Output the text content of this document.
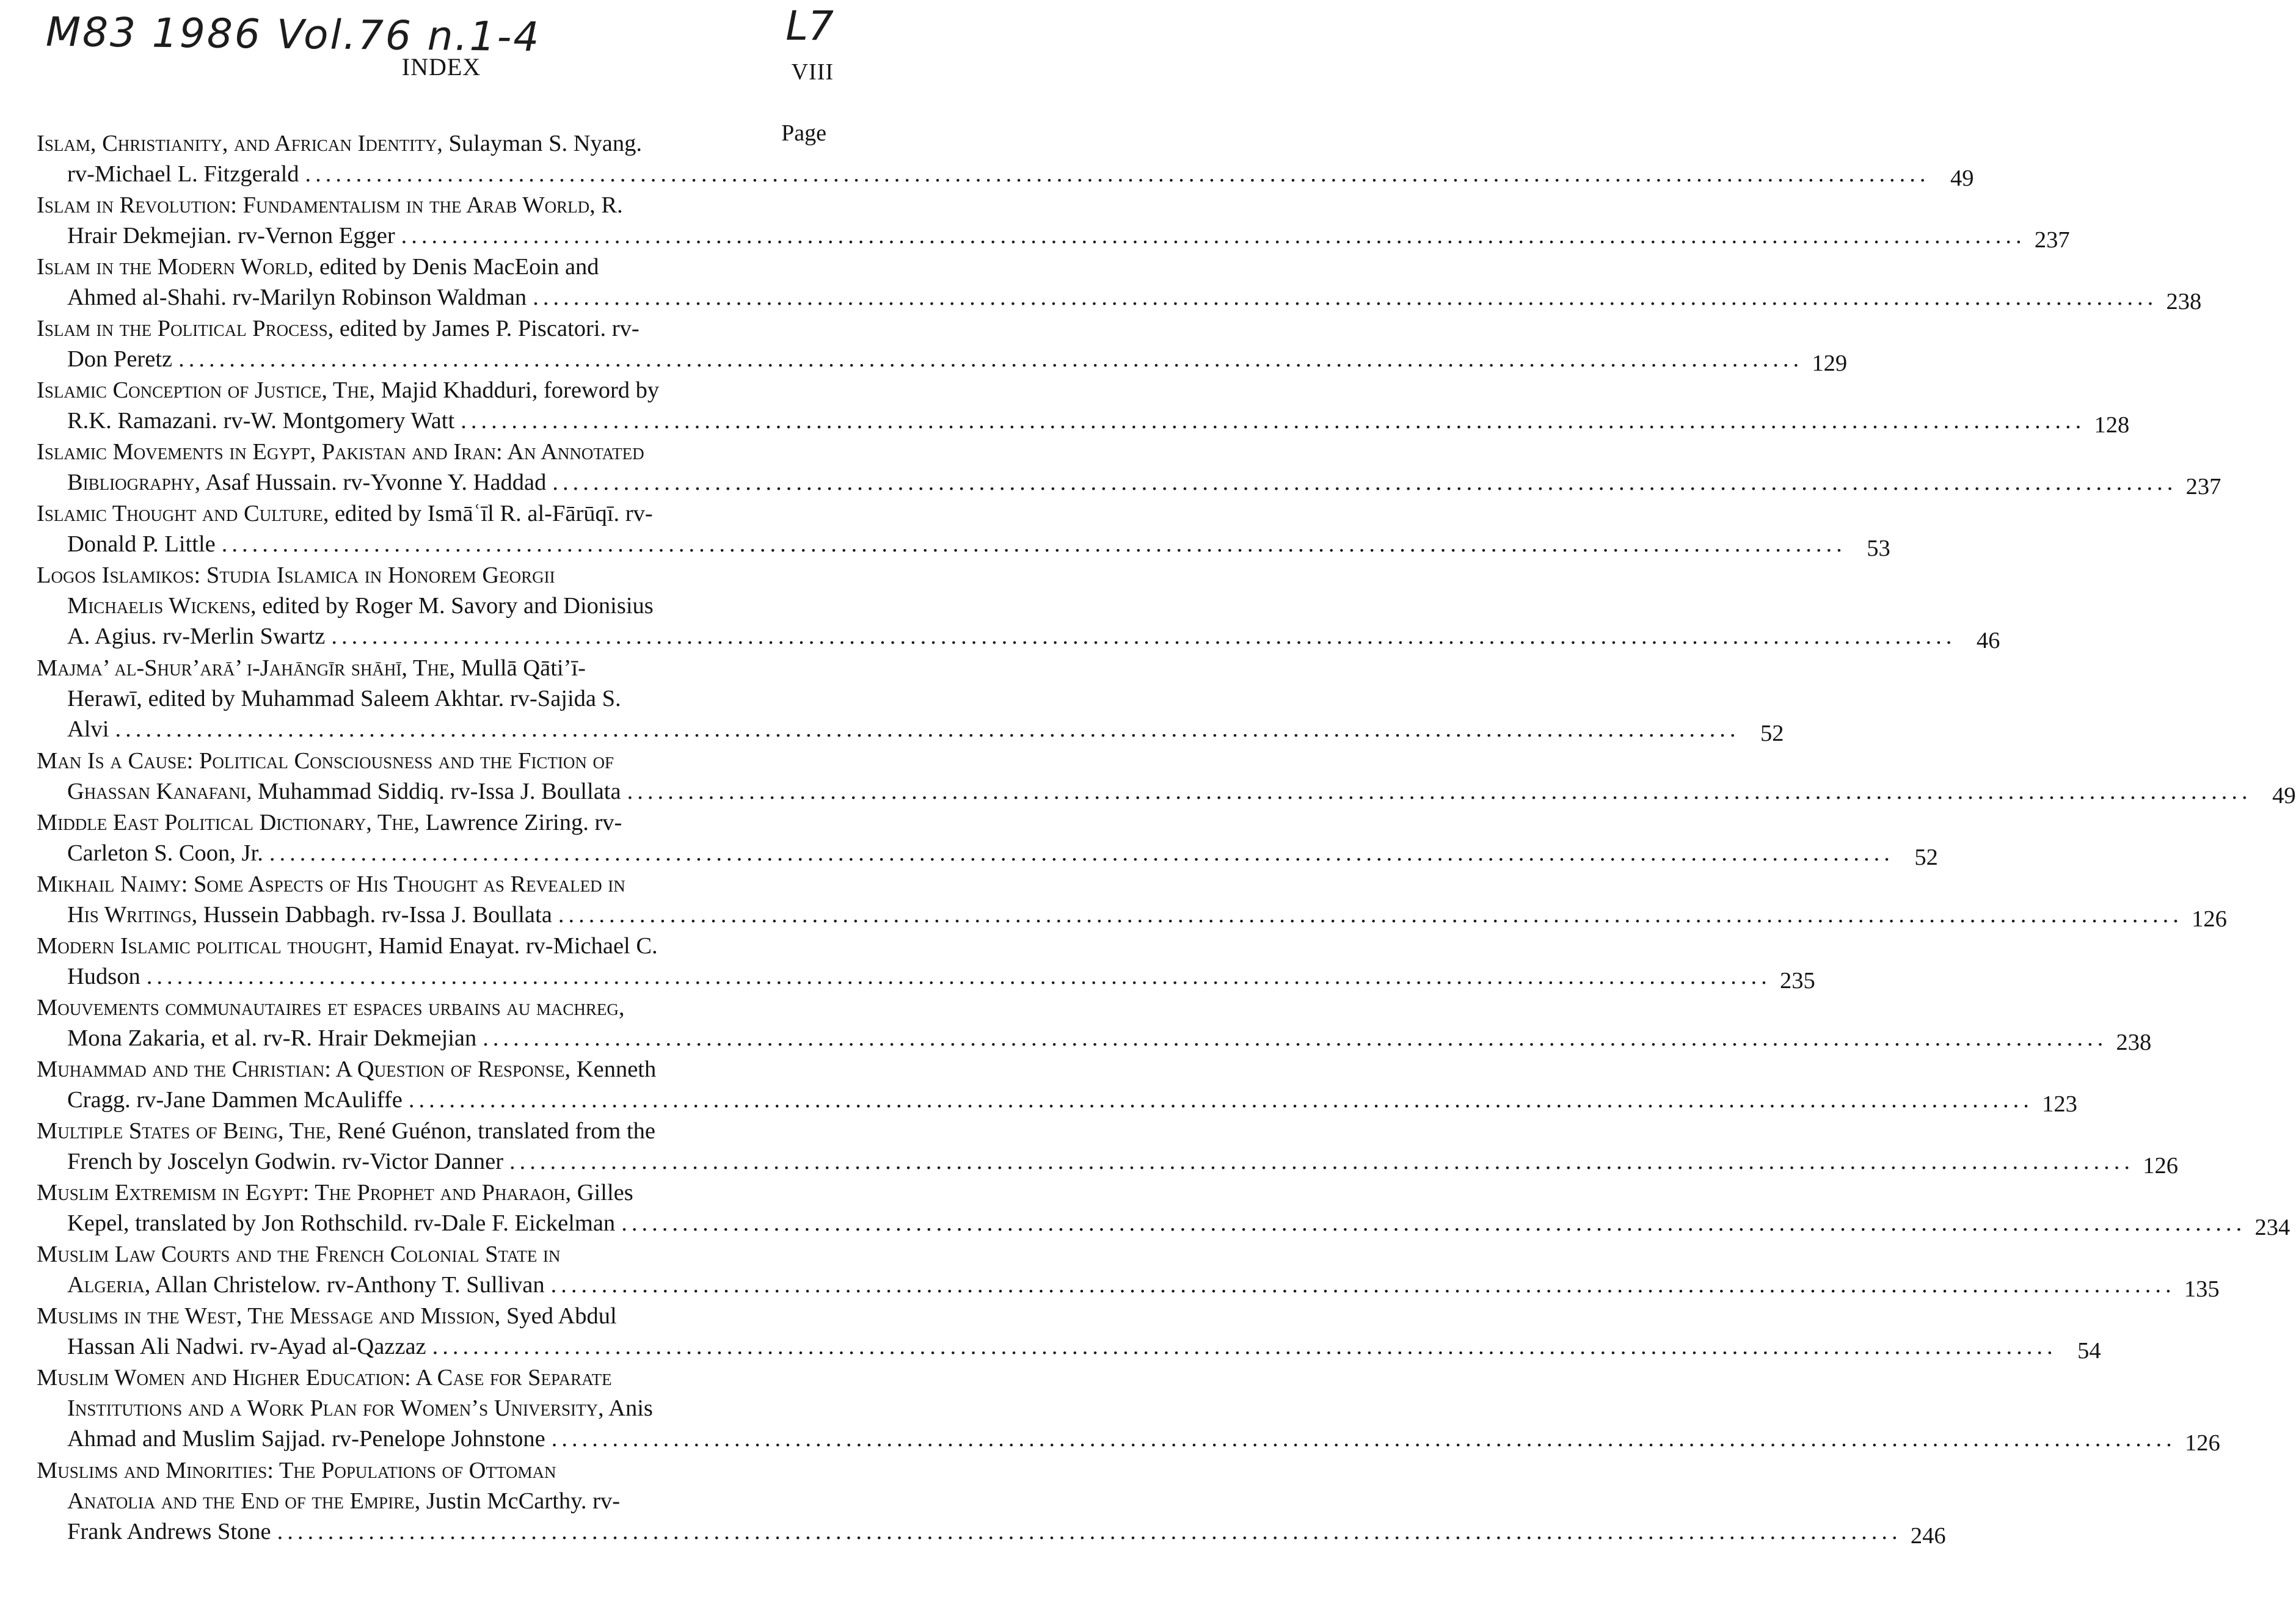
M83 1986 Vol.76 n.1-4	L7
INDEX	VIII
Page
Islam, Christianity, and African Identity, Sulayman S. Nyang.
rv-Michael L. Fitzgerald ................................................................................................................................................................ 49
Islam in Revolution: Fundamentalism in the Arab World, R.
Hrair Dekmejian. rv-Vernon Egger ................................................................................................................................................................ 237
Islam in the Modern World, edited by Denis MacEoin and
Ahmed al-Shahi. rv-Marilyn Robinson Waldman ................................................................................................................................................................ 238
Islam in the Political Process, edited by James P. Piscatori. rv-
Don Peretz ................................................................................................................................................................ 129
Islamic Conception of Justice, The, Majid Khadduri, foreword by
R.K. Ramazani. rv-W. Montgomery Watt ................................................................................................................................................................ 128
Islamic Movements in Egypt, Pakistan and Iran: An Annotated
Bibliography, Asaf Hussain. rv-Yvonne Y. Haddad ................................................................................................................................................................ 237
Islamic Thought and Culture, edited by Ismāʿīl R. al-Fārūqī. rv-
Donald P. Little ................................................................................................................................................................ 53
Logos Islamikos: Studia Islamica in Honorem Georgii
Michaelis Wickens, edited by Roger M. Savory and Dionisius
A. Agius. rv-Merlin Swartz ................................................................................................................................................................ 46
Majma’ al-Shur’arā’ i-Jahāngīr shāhī, The, Mullā Qāti’ī-
Herawī, edited by Muhammad Saleem Akhtar. rv-Sajida S.
Alvi ................................................................................................................................................................ 52
Man Is a Cause: Political Consciousness and the Fiction of
Ghassan Kanafani, Muhammad Siddiq. rv-Issa J. Boullata ................................................................................................................................................................ 49
Middle East Political Dictionary, The, Lawrence Ziring. rv-
Carleton S. Coon, Jr. ................................................................................................................................................................ 52
Mikhail Naimy: Some Aspects of His Thought as Revealed in
His Writings, Hussein Dabbagh. rv-Issa J. Boullata ................................................................................................................................................................ 126
Modern Islamic political thought, Hamid Enayat. rv-Michael C.
Hudson ................................................................................................................................................................ 235
Mouvements communautaires et espaces urbains au machreg,
Mona Zakaria, et al. rv-R. Hrair Dekmejian ................................................................................................................................................................ 238
Muhammad and the Christian: A Question of Response, Kenneth
Cragg. rv-Jane Dammen McAuliffe ................................................................................................................................................................ 123
Multiple States of Being, The, René Guénon, translated from the
French by Joscelyn Godwin. rv-Victor Danner ................................................................................................................................................................ 126
Muslim Extremism in Egypt: The Prophet and Pharaoh, Gilles
Kepel, translated by Jon Rothschild. rv-Dale F. Eickelman ................................................................................................................................................................ 234
Muslim Law Courts and the French Colonial State in
Algeria, Allan Christelow. rv-Anthony T. Sullivan ................................................................................................................................................................ 135
Muslims in the West, The Message and Mission, Syed Abdul
Hassan Ali Nadwi. rv-Ayad al-Qazzaz ................................................................................................................................................................ 54
Muslim Women and Higher Education: A Case for Separate
Institutions and a Work Plan for Women’s University, Anis
Ahmad and Muslim Sajjad. rv-Penelope Johnstone ................................................................................................................................................................ 126
Muslims and Minorities: The Populations of Ottoman
Anatolia and the End of the Empire, Justin McCarthy. rv-
Frank Andrews Stone ................................................................................................................................................................ 246
